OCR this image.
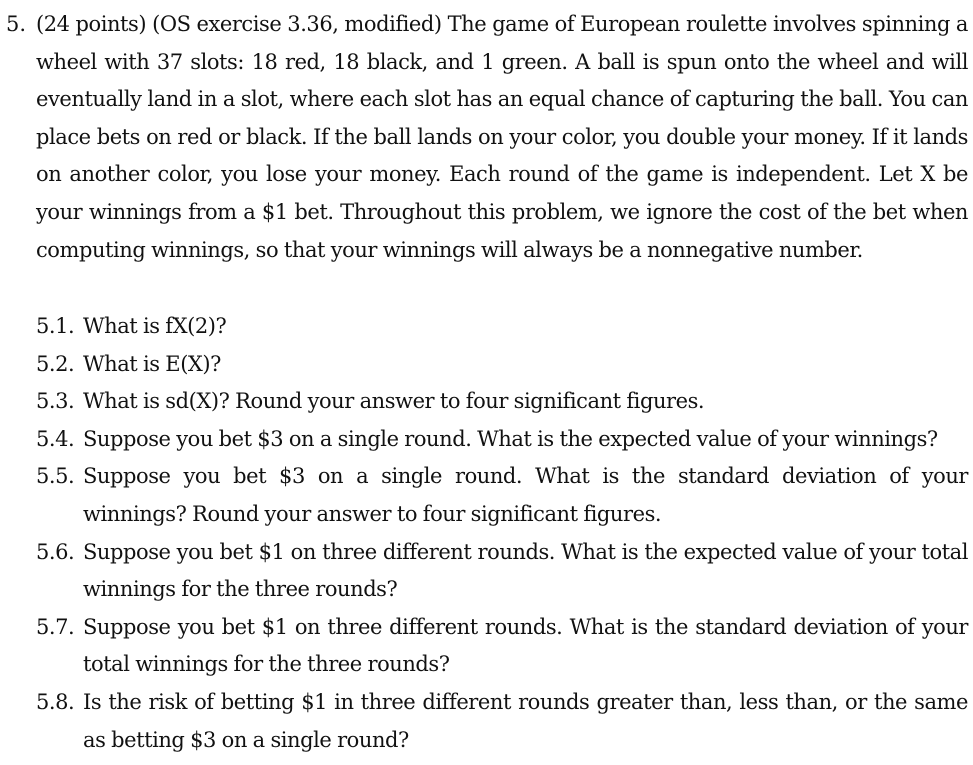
5. (24 points) (OS exercise 3.36, modified) The game of European roulette involves spinning a wheel with 37 slots: 18 red, 18 black, and 1 green. A ball is spun onto the wheel and will eventually land in a slot, where each slot has an equal chance of capturing the ball. You can place bets on red or black. If the ball lands on your color, you double your money. If it lands on another color, you lose your money. Each round of the game is independent. Let X be your winnings from a $1 bet. Throughout this problem, we ignore the cost of the bet when computing winnings, so that your winnings will always be a nonnegative number.
5.1. What is fX(2)?
5.2. What is E(X)?
5.3. What is sd(X)? Round your answer to four significant figures.
5.4. Suppose you bet $3 on a single round. What is the expected value of your winnings?
5.5. Suppose you bet $3 on a single round. What is the standard deviation of your winnings? Round your answer to four significant figures.
5.6. Suppose you bet $1 on three different rounds. What is the expected value of your total winnings for the three rounds?
5.7. Suppose you bet $1 on three different rounds. What is the standard deviation of your total winnings for the three rounds?
5.8. Is the risk of betting $1 in three different rounds greater than, less than, or the same as betting $3 on a single round?
